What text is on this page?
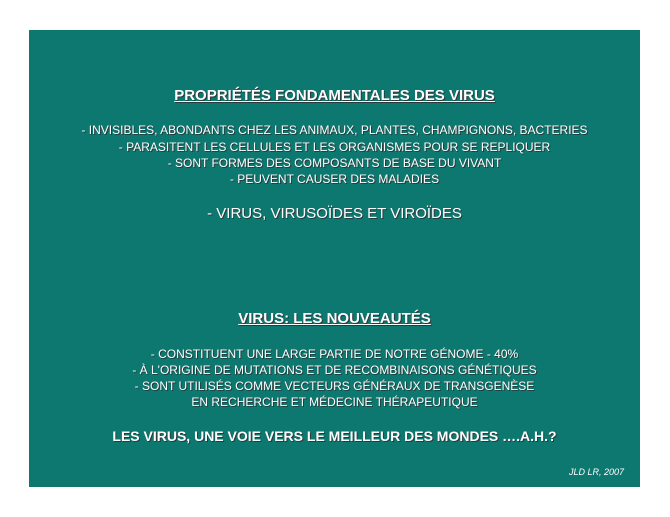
PROPRIÉTÉS FONDAMENTALES DES VIRUS
- INVISIBLES, ABONDANTS CHEZ LES ANIMAUX, PLANTES, CHAMPIGNONS, BACTERIES
- PARASITENT LES CELLULES ET LES ORGANISMES POUR SE REPLIQUER
- SONT FORMES DES COMPOSANTS DE BASE DU VIVANT
- PEUVENT CAUSER DES MALADIES
- VIRUS, VIRUSOÏDES ET VIROÏDES
VIRUS: LES NOUVEAUTÉS
- CONSTITUENT UNE LARGE PARTIE DE NOTRE GÉNOME - 40%
- À L'ORIGINE DE MUTATIONS ET DE RECOMBINAISONS GÉNÉTIQUES
- SONT UTILISÉS COMME VECTEURS GÉNÉRAUX DE TRANSGENÈSE
EN RECHERCHE ET MÉDECINE THÉRAPEUTIQUE
LES VIRUS, UNE VOIE VERS LE MEILLEUR DES MONDES ….A.H.?
JLD LR, 2007
